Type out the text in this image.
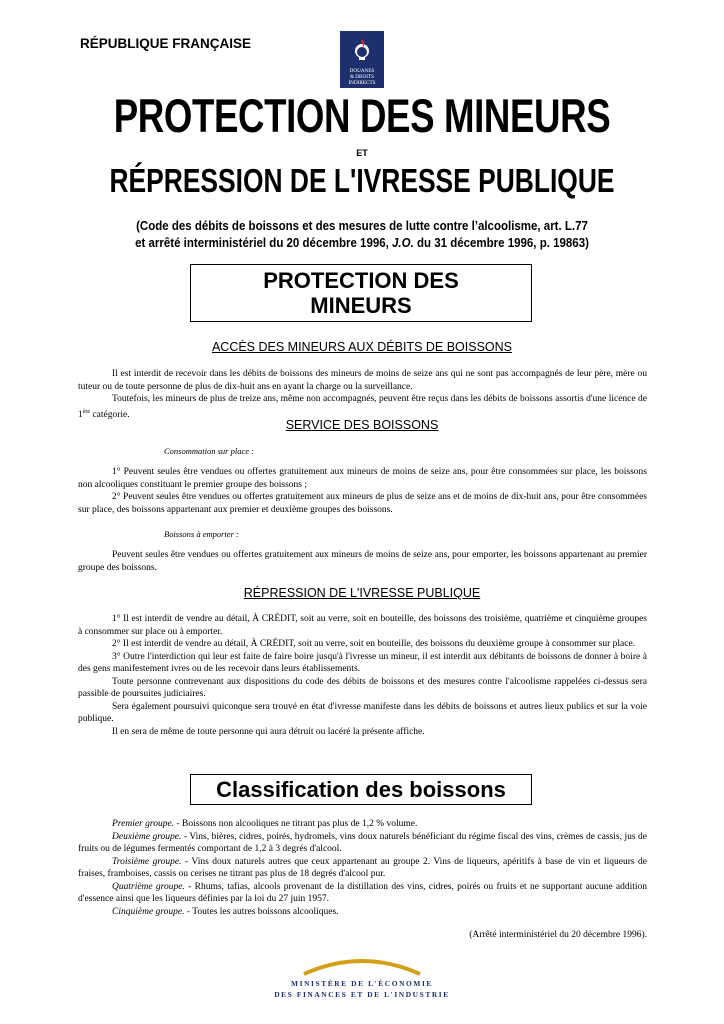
RÉPUBLIQUE FRANÇAISE
DOUANES
& DROITS
INDIRECTS
PROTECTION DES MINEURS
ET
RÉPRESSION DE L'IVRESSE PUBLIQUE
(Code des débits de boissons et des mesures de lutte contre l’alcoolisme, art. L.77
et arrêté interministériel du 20 décembre 1996, J.O. du 31 décembre 1996, p. 19863)
PROTECTION DES
MINEURS
ACCÈS DES MINEURS AUX DÉBITS DE BOISSONS

Il est interdit de recevoir dans les débits de boissons des mineurs de moins de seize ans qui ne sont pas accompagnés de leur père, mère ou tuteur ou de toute personne de plus de dix-huit ans en ayant la charge ou la surveillance.

Toutefois, les mineurs de plus de treize ans, même non accompagnés, peuvent être reçus dans les débits de boissons assortis d'une licence de 1ère catégorie.

SERVICE DES BOISSONS
Consommation sur place :

1° Peuvent seules être vendues ou offertes gratuitement aux mineurs de moins de seize ans, pour être consommées sur place, les boissons non alcooliques constituant le premier groupe des boissons ;

2° Peuvent seules être vendues ou offertes gratuitement aux mineurs de plus de seize ans et de moins de dix-huit ans, pour être consommées sur place, des boissons appartenant aux premier et deuxième groupes des boissons.

Boissons à emporter :

Peuvent seules être vendues ou offertes gratuitement aux mineurs de moins de seize ans, pour emporter, les boissons appartenant au premier groupe des boissons.

RÉPRESSION DE L'IVRESSE PUBLIQUE

1° Il est interdit de vendre au détail, À CRÉDIT, soit au verre, soit en bouteille, des boissons des troisième, quatrième et cinquième groupes à consommer sur place ou à emporter.

2° Il est interdit de vendre au détail, À CRÉDIT, soit au verre, soit en bouteille, des boissons du deuxième groupe à consommer sur place.

3° Outre l'interdiction qui leur est faite de faire boire jusqu'à l'ivresse un mineur, il est interdit aux débitants de boissons de donner à boire à des gens manifestement ivres ou de les recevoir dans leurs établissements.

Toute personne contrevenant aux dispositions du code des débits de boissons et des mesures contre l'alcoolisme rappelées ci-dessus sera passible de poursuites judiciaires.

Sera également poursuivi quiconque sera trouvé en état d'ivresse manifeste dans les débits de boissons et autres lieux publics et sur la voie publique.

Il en sera de même de toute personne qui aura détruit ou lacéré la présente affiche.

Classification des boissons

Premier groupe. - Boissons non alcooliques ne titrant pas plus de 1,2 % volume.

Deuxième groupe. - Vins, bières, cidres, poirés, hydromels, vins doux naturels bénéficiant du régime fiscal des vins, crèmes de cassis, jus de fruits ou de légumes fermentés comportant de 1,2 à 3 degrés d'alcool.

Troisième groupe. - Vins doux naturels autres que ceux appartenant au groupe 2. Vins de liqueurs, apéritifs à base de vin et liqueurs de fraises, framboises, cassis ou cerises ne titrant pas plus de 18 degrés d'alcool pur.

Quatrième groupe. - Rhums, tafias, alcools provenant de la distillation des vins, cidres, poirés ou fruits et ne supportant aucune addition d'essence ainsi que les liqueurs définies par la loi du 27 juin 1957.

Cinquième groupe. - Toutes les autres boissons alcooliques.

(Arrêté interministériel du 20 décembre 1996).
MINISTÈRE DE L'ÉCONOMIE
DES FINANCES ET DE L'INDUSTRIE
